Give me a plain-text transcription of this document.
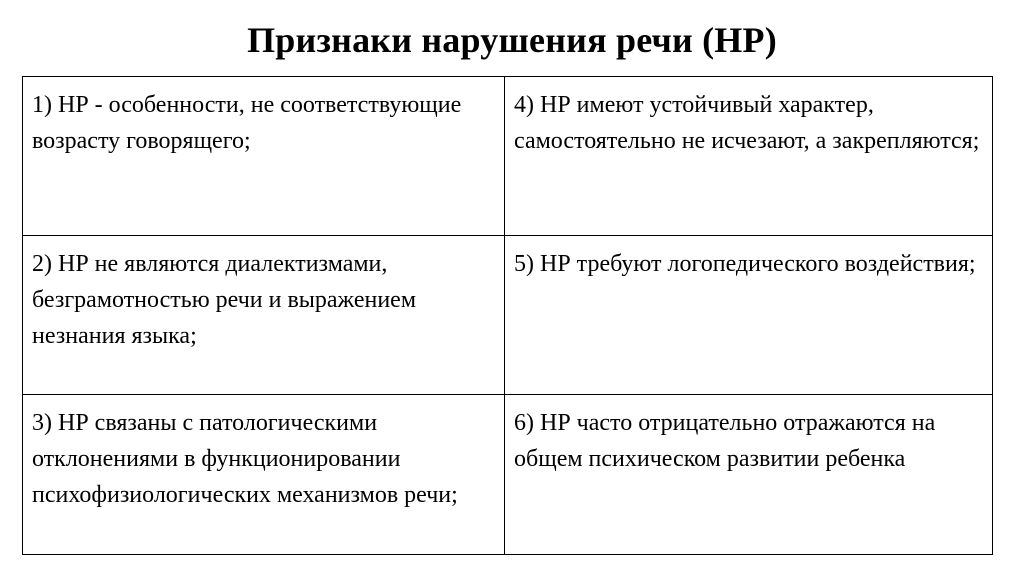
Признаки нарушения речи (НР)
1) НР - особенности, не соответствующие возрасту говорящего;	4) НР имеют устойчивый характер, самостоятельно не исчезают, а закрепляются;
2) НР не являются диалектизмами, безграмотностью речи и выражением незнания языка;	5) НР требуют логопедического воздействия;
3) НР связаны с патологическими отклонениями в функционировании психофизиологических механизмов речи;	6) НР часто отрицательно отражаются на общем психическом развитии ребенка
